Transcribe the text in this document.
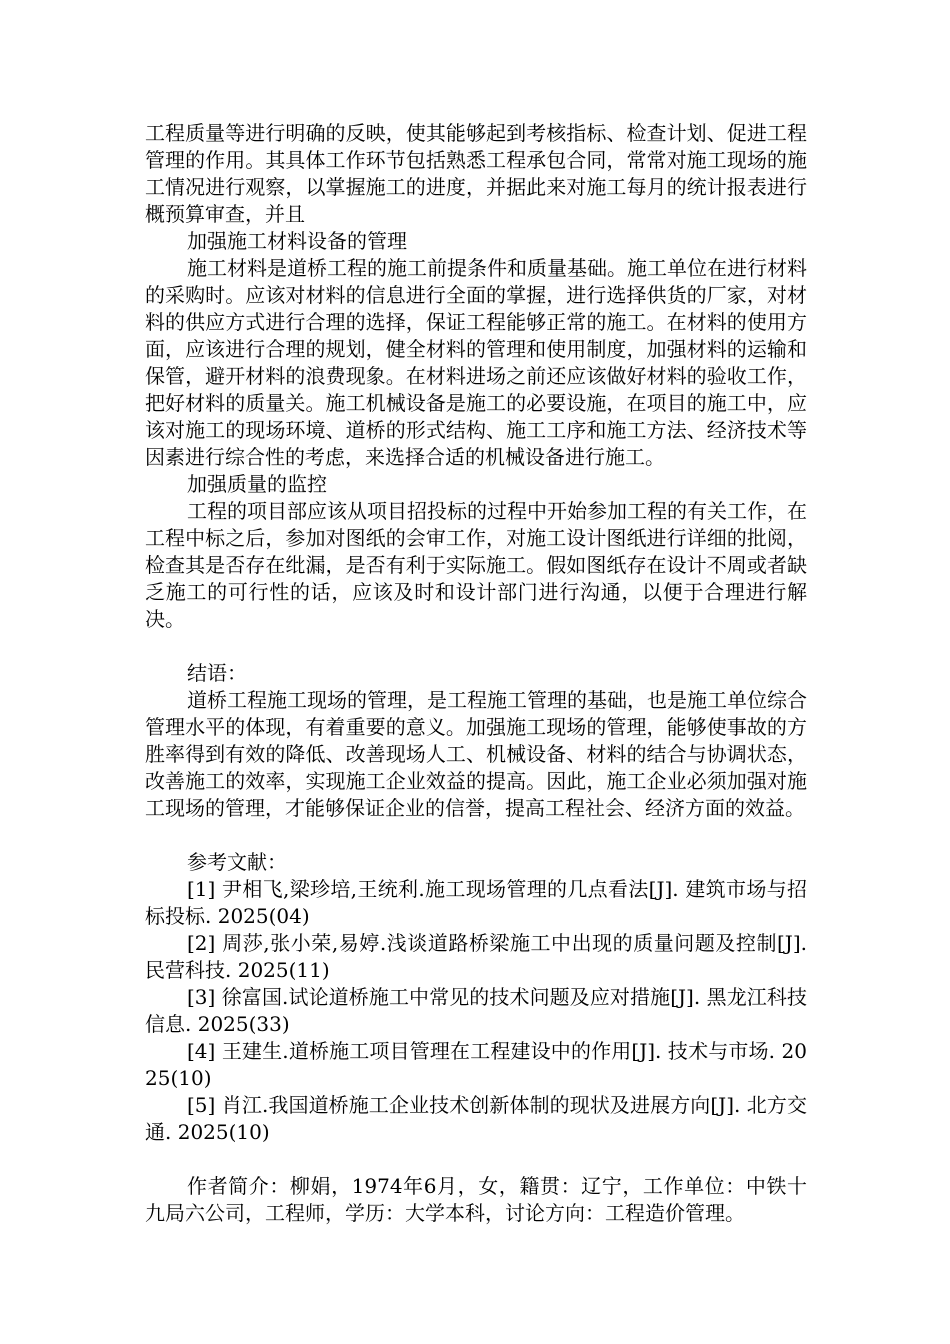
工程质量等进行明确的反映，使其能够起到考核指标、检查计划、促进工程管理的作用。其具体工作环节包括熟悉工程承包合同，常常对施工现场的施工情况进行观察，以掌握施工的进度，并据此来对施工每月的统计报表进行概预算审查，并且

加强施工材料设备的管理

施工材料是道桥工程的施工前提条件和质量基础。施工单位在进行材料的采购时。应该对材料的信息进行全面的掌握，进行选择供货的厂家，对材料的供应方式进行合理的选择，保证工程能够正常的施工。在材料的使用方面，应该进行合理的规划，健全材料的管理和使用制度，加强材料的运输和保管，避开材料的浪费现象。在材料进场之前还应该做好材料的验收工作，把好材料的质量关。施工机械设备是施工的必要设施，在项目的施工中，应该对施工的现场环境、道桥的形式结构、施工工序和施工方法、经济技术等因素进行综合性的考虑，来选择合适的机械设备进行施工。

加强质量的监控

工程的项目部应该从项目招投标的过程中开始参加工程的有关工作，在工程中标之后，参加对图纸的会审工作，对施工设计图纸进行详细的批阅，检查其是否存在纰漏，是否有利于实际施工。假如图纸存在设计不周或者缺乏施工的可行性的话，应该及时和设计部门进行沟通，以便于合理进行解决。

结语：

道桥工程施工现场的管理，是工程施工管理的基础，也是施工单位综合管理水平的体现，有着重要的意义。加强施工现场的管理，能够使事故的方胜率得到有效的降低、改善现场人工、机械设备、材料的结合与协调状态，改善施工的效率，实现施工企业效益的提高。因此，施工企业必须加强对施工现场的管理，才能够保证企业的信誉，提高工程社会、经济方面的效益。

参考文献：

[1] 尹相飞,梁珍培,王统利.施工现场管理的几点看法[J]. 建筑市场与招标投标. 2025(04)

[2] 周莎,张小荣,易婷.浅谈道路桥梁施工中出现的质量问题及控制[J]. 民营科技. 2025(11)

[3] 徐富国.试论道桥施工中常见的技术问题及应对措施[J]. 黑龙江科技信息. 2025(33)

[4] 王建生.道桥施工项目管理在工程建设中的作用[J]. 技术与市场. 2025(10)

[5] 肖江.我国道桥施工企业技术创新体制的现状及进展方向[J]. 北方交通. 2025(10)

作者简介：柳娟，1974年6月，女，籍贯：辽宁，工作单位：中铁十九局六公司，工程师，学历：大学本科，讨论方向：工程造价管理。
